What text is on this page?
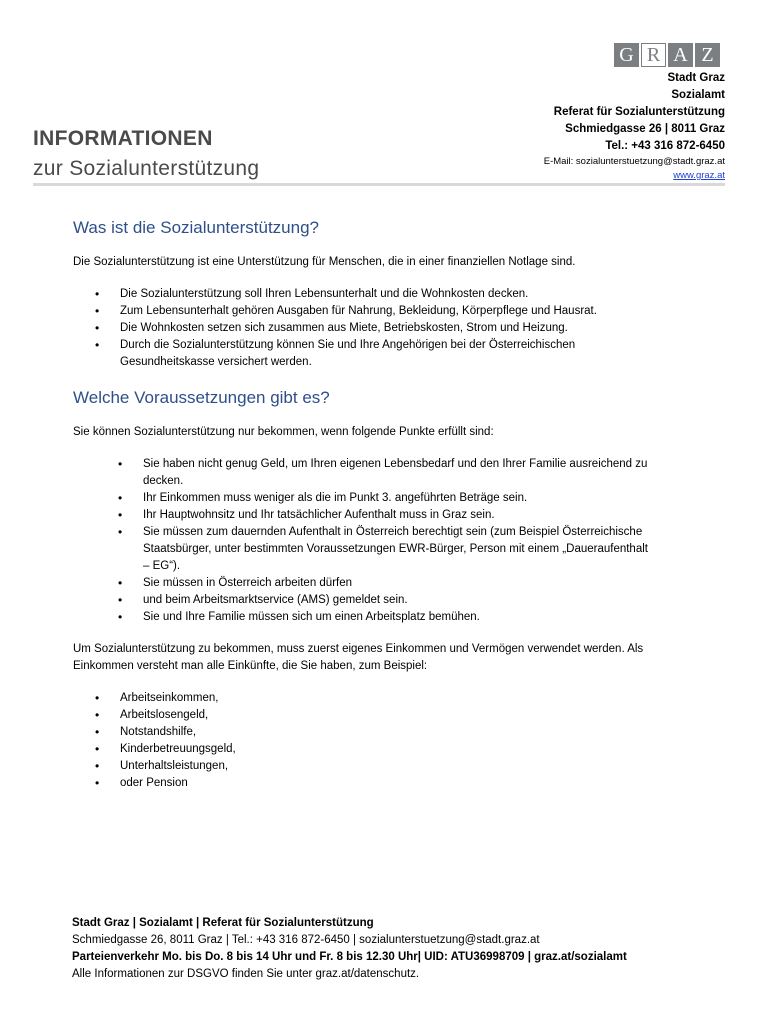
G R A Z
Stadt Graz
Sozialamt
Referat für Sozialunterstützung
Schmiedgasse 26 | 8011 Graz
Tel.: +43 316 872-6450
E-Mail: sozialunterstuetzung@stadt.graz.at
www.graz.at
INFORMATIONEN
zur Sozialunterstützung
Was ist die Sozialunterstützung?

Die Sozialunterstützung ist eine Unterstützung für Menschen, die in einer finanziellen Notlage sind.

• Die Sozialunterstützung soll Ihren Lebensunterhalt und die Wohnkosten decken.
• Zum Lebensunterhalt gehören Ausgaben für Nahrung, Bekleidung, Körperpflege und Hausrat.
• Die Wohnkosten setzen sich zusammen aus Miete, Betriebskosten, Strom und Heizung.
• Durch die Sozialunterstützung können Sie und Ihre Angehörigen bei der Österreichischen Gesundheitskasse versichert werden.
Welche Voraussetzungen gibt es?

Sie können Sozialunterstützung nur bekommen, wenn folgende Punkte erfüllt sind:

• Sie haben nicht genug Geld, um Ihren eigenen Lebensbedarf und den Ihrer Familie ausreichend zu decken.
• Ihr Einkommen muss weniger als die im Punkt 3. angeführten Beträge sein.
• Ihr Hauptwohnsitz und Ihr tatsächlicher Aufenthalt muss in Graz sein.
• Sie müssen zum dauernden Aufenthalt in Österreich berechtigt sein (zum Beispiel Österreichische Staatsbürger, unter bestimmten Voraussetzungen EWR-Bürger, Person mit einem „Daueraufenthalt – EG“).
• Sie müssen in Österreich arbeiten dürfen
• und beim Arbeitsmarktservice (AMS) gemeldet sein.
• Sie und Ihre Familie müssen sich um einen Arbeitsplatz bemühen.

Um Sozialunterstützung zu bekommen, muss zuerst eigenes Einkommen und Vermögen verwendet werden. Als Einkommen versteht man alle Einkünfte, die Sie haben, zum Beispiel:

• Arbeitseinkommen,
• Arbeitslosengeld,
• Notstandshilfe,
• Kinderbetreuungsgeld,
• Unterhaltsleistungen,
• oder Pension
Stadt Graz | Sozialamt | Referat für Sozialunterstützung
Schmiedgasse 26, 8011 Graz | Tel.: +43 316 872-6450 | sozialunterstuetzung@stadt.graz.at
Parteienverkehr Mo. bis Do. 8 bis 14 Uhr und Fr. 8 bis 12.30 Uhr| UID: ATU36998709 | graz.at/sozialamt
Alle Informationen zur DSGVO finden Sie unter graz.at/datenschutz.
